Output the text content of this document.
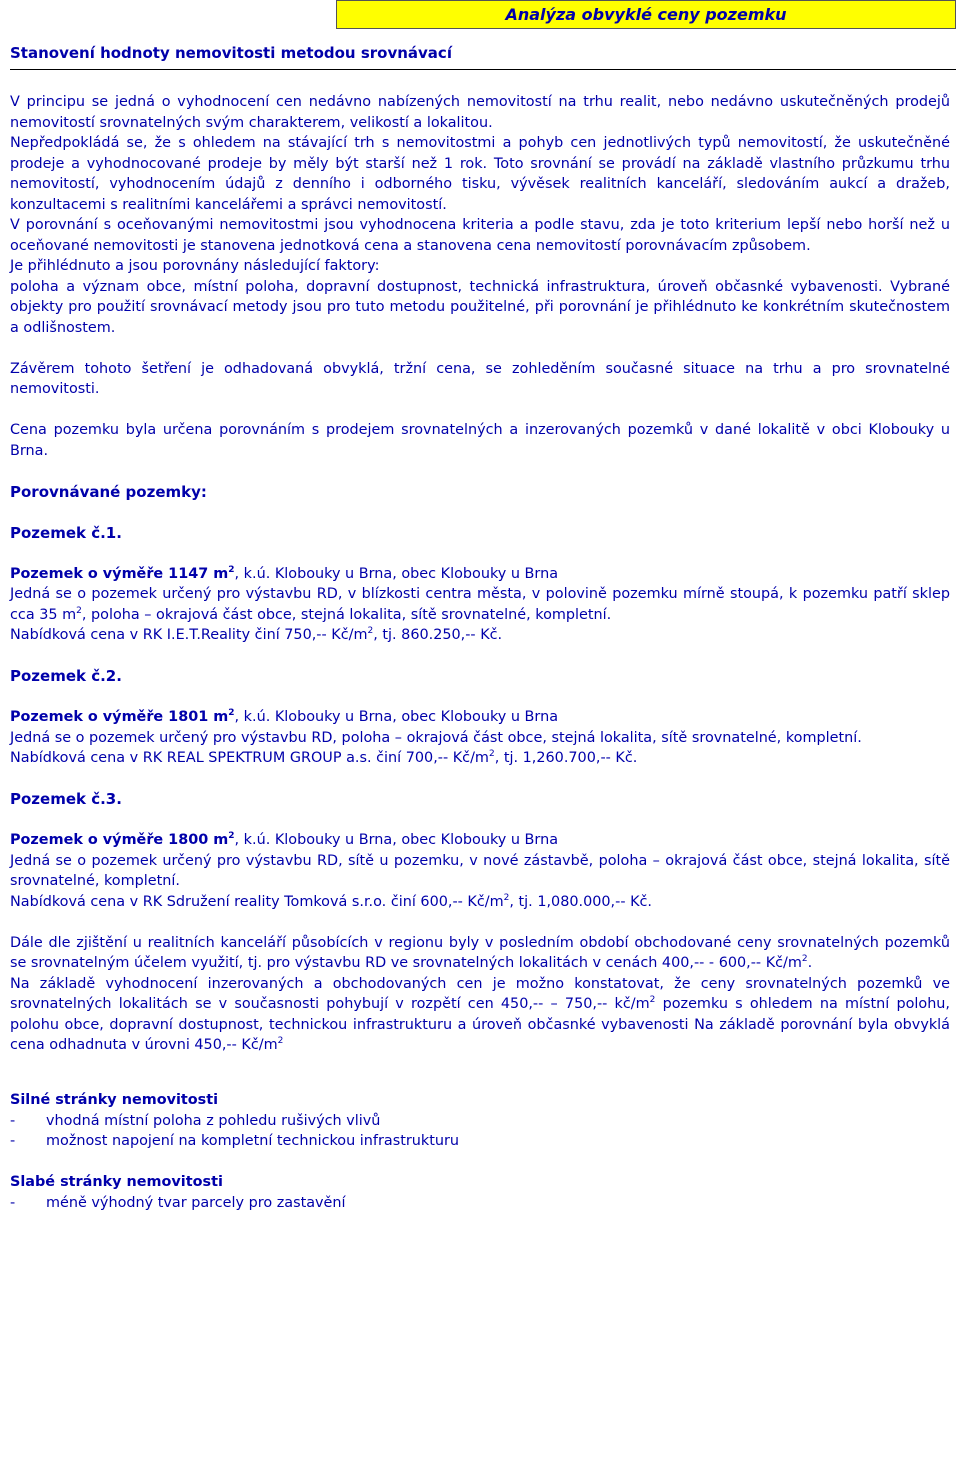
Analýza obvyklé ceny pozemku
Stanovení hodnoty nemovitosti metodou srovnávací

V principu se jedná o vyhodnocení cen nedávno nabízených nemovitostí na trhu realit, nebo nedávno uskutečněných prodejů nemovitostí srovnatelných svým charakterem, velikostí a lokalitou.

Nepředpokládá se, že s ohledem na stávající trh s nemovitostmi a pohyb cen jednotlivých typů nemovitostí, že uskutečněné prodeje a vyhodnocované prodeje by měly být starší než 1 rok. Toto srovnání se provádí na základě vlastního průzkumu trhu nemovitostí, vyhodnocením údajů z denního i odborného tisku, vývěsek realitních kanceláří, sledováním aukcí a dražeb, konzultacemi s realitními kancelářemi a správci nemovitostí.

V porovnání s oceňovanými nemovitostmi jsou vyhodnocena kriteria a podle stavu, zda je toto kriterium lepší nebo horší než u oceňované nemovitosti je stanovena jednotková cena a stanovena cena nemovitostí porovnávacím způsobem.

Je přihlédnuto a jsou porovnány následující faktory:

poloha a význam obce, místní poloha, dopravní dostupnost, technická infrastruktura, úroveň občasnké vybavenosti. Vybrané objekty pro použití srovnávací metody jsou pro tuto metodu použitelné, při porovnání je přihlédnuto ke konkrétním skutečnostem a odlišnostem.

Závěrem tohoto šetření je odhadovaná obvyklá, tržní cena, se zohleděním současné situace na trhu a pro srovnatelné nemovitosti.

Cena pozemku byla určena porovnáním s prodejem srovnatelných a inzerovaných pozemků v dané lokalitě v obci Klobouky u Brna.

Porovnávané pozemky:

Pozemek č.1.

Pozemek o výměře 1147 $m^2$, k.ú. Klobouky u Brna, obec Klobouky u Brna

Jedná se o pozemek určený pro výstavbu RD, v blízkosti centra města, v polovině pozemku mírně stoupá, k pozemku patří sklep cca 35 $m^2$, poloha – okrajová část obce, stejná lokalita, sítě srovnatelné, kompletní.

Nabídková cena v RK I.E.T.Reality činí 750,-- $Kč/m^2$, tj. 860.250,-- Kč.

Pozemek č.2.

Pozemek o výměře 1801 $m^2$, k.ú. Klobouky u Brna, obec Klobouky u Brna

Jedná se o pozemek určený pro výstavbu RD, poloha – okrajová část obce, stejná lokalita, sítě srovnatelné, kompletní.

Nabídková cena v RK REAL SPEKTRUM GROUP a.s. činí 700,-- $Kč/m^2$, tj. 1,260.700,-- Kč.

Pozemek č.3.

Pozemek o výměře 1800 $m^2$, k.ú. Klobouky u Brna, obec Klobouky u Brna

Jedná se o pozemek určený pro výstavbu RD, sítě u pozemku, v nové zástavbě, poloha – okrajová část obce, stejná lokalita, sítě srovnatelné, kompletní.

Nabídková cena v RK Sdružení reality Tomková s.r.o. činí 600,-- $Kč/m^2$, tj. 1,080.000,-- Kč.

Dále dle zjištění u realitních kanceláří působících v regionu byly v posledním období obchodované ceny srovnatelných pozemků se srovnatelným účelem využití, tj. pro výstavbu RD ve srovnatelných lokalitách v cenách 400,-- - 600,-- $Kč/m^2$.

Na základě vyhodnocení inzerovaných a obchodovaných cen je možno konstatovat, že ceny srovnatelných pozemků ve srovnatelných lokalitách se v současnosti pohybují v rozpětí cen 450,-- – 750,-- $kč/m^2$ pozemku s ohledem na místní polohu, polohu obce, dopravní dostupnost, technickou infrastrukturu a úroveň občasnké vybavenosti Na základě porovnání byla obvyklá cena odhadnuta v úrovni 450,-- $Kč/m^2$

Silné stránky nemovitosti

-	vhodná místní poloha z pohledu rušivých vlivů
-	možnost napojení na kompletní technickou infrastrukturu

Slabé stránky nemovitosti

-	méně výhodný tvar parcely pro zastavění
